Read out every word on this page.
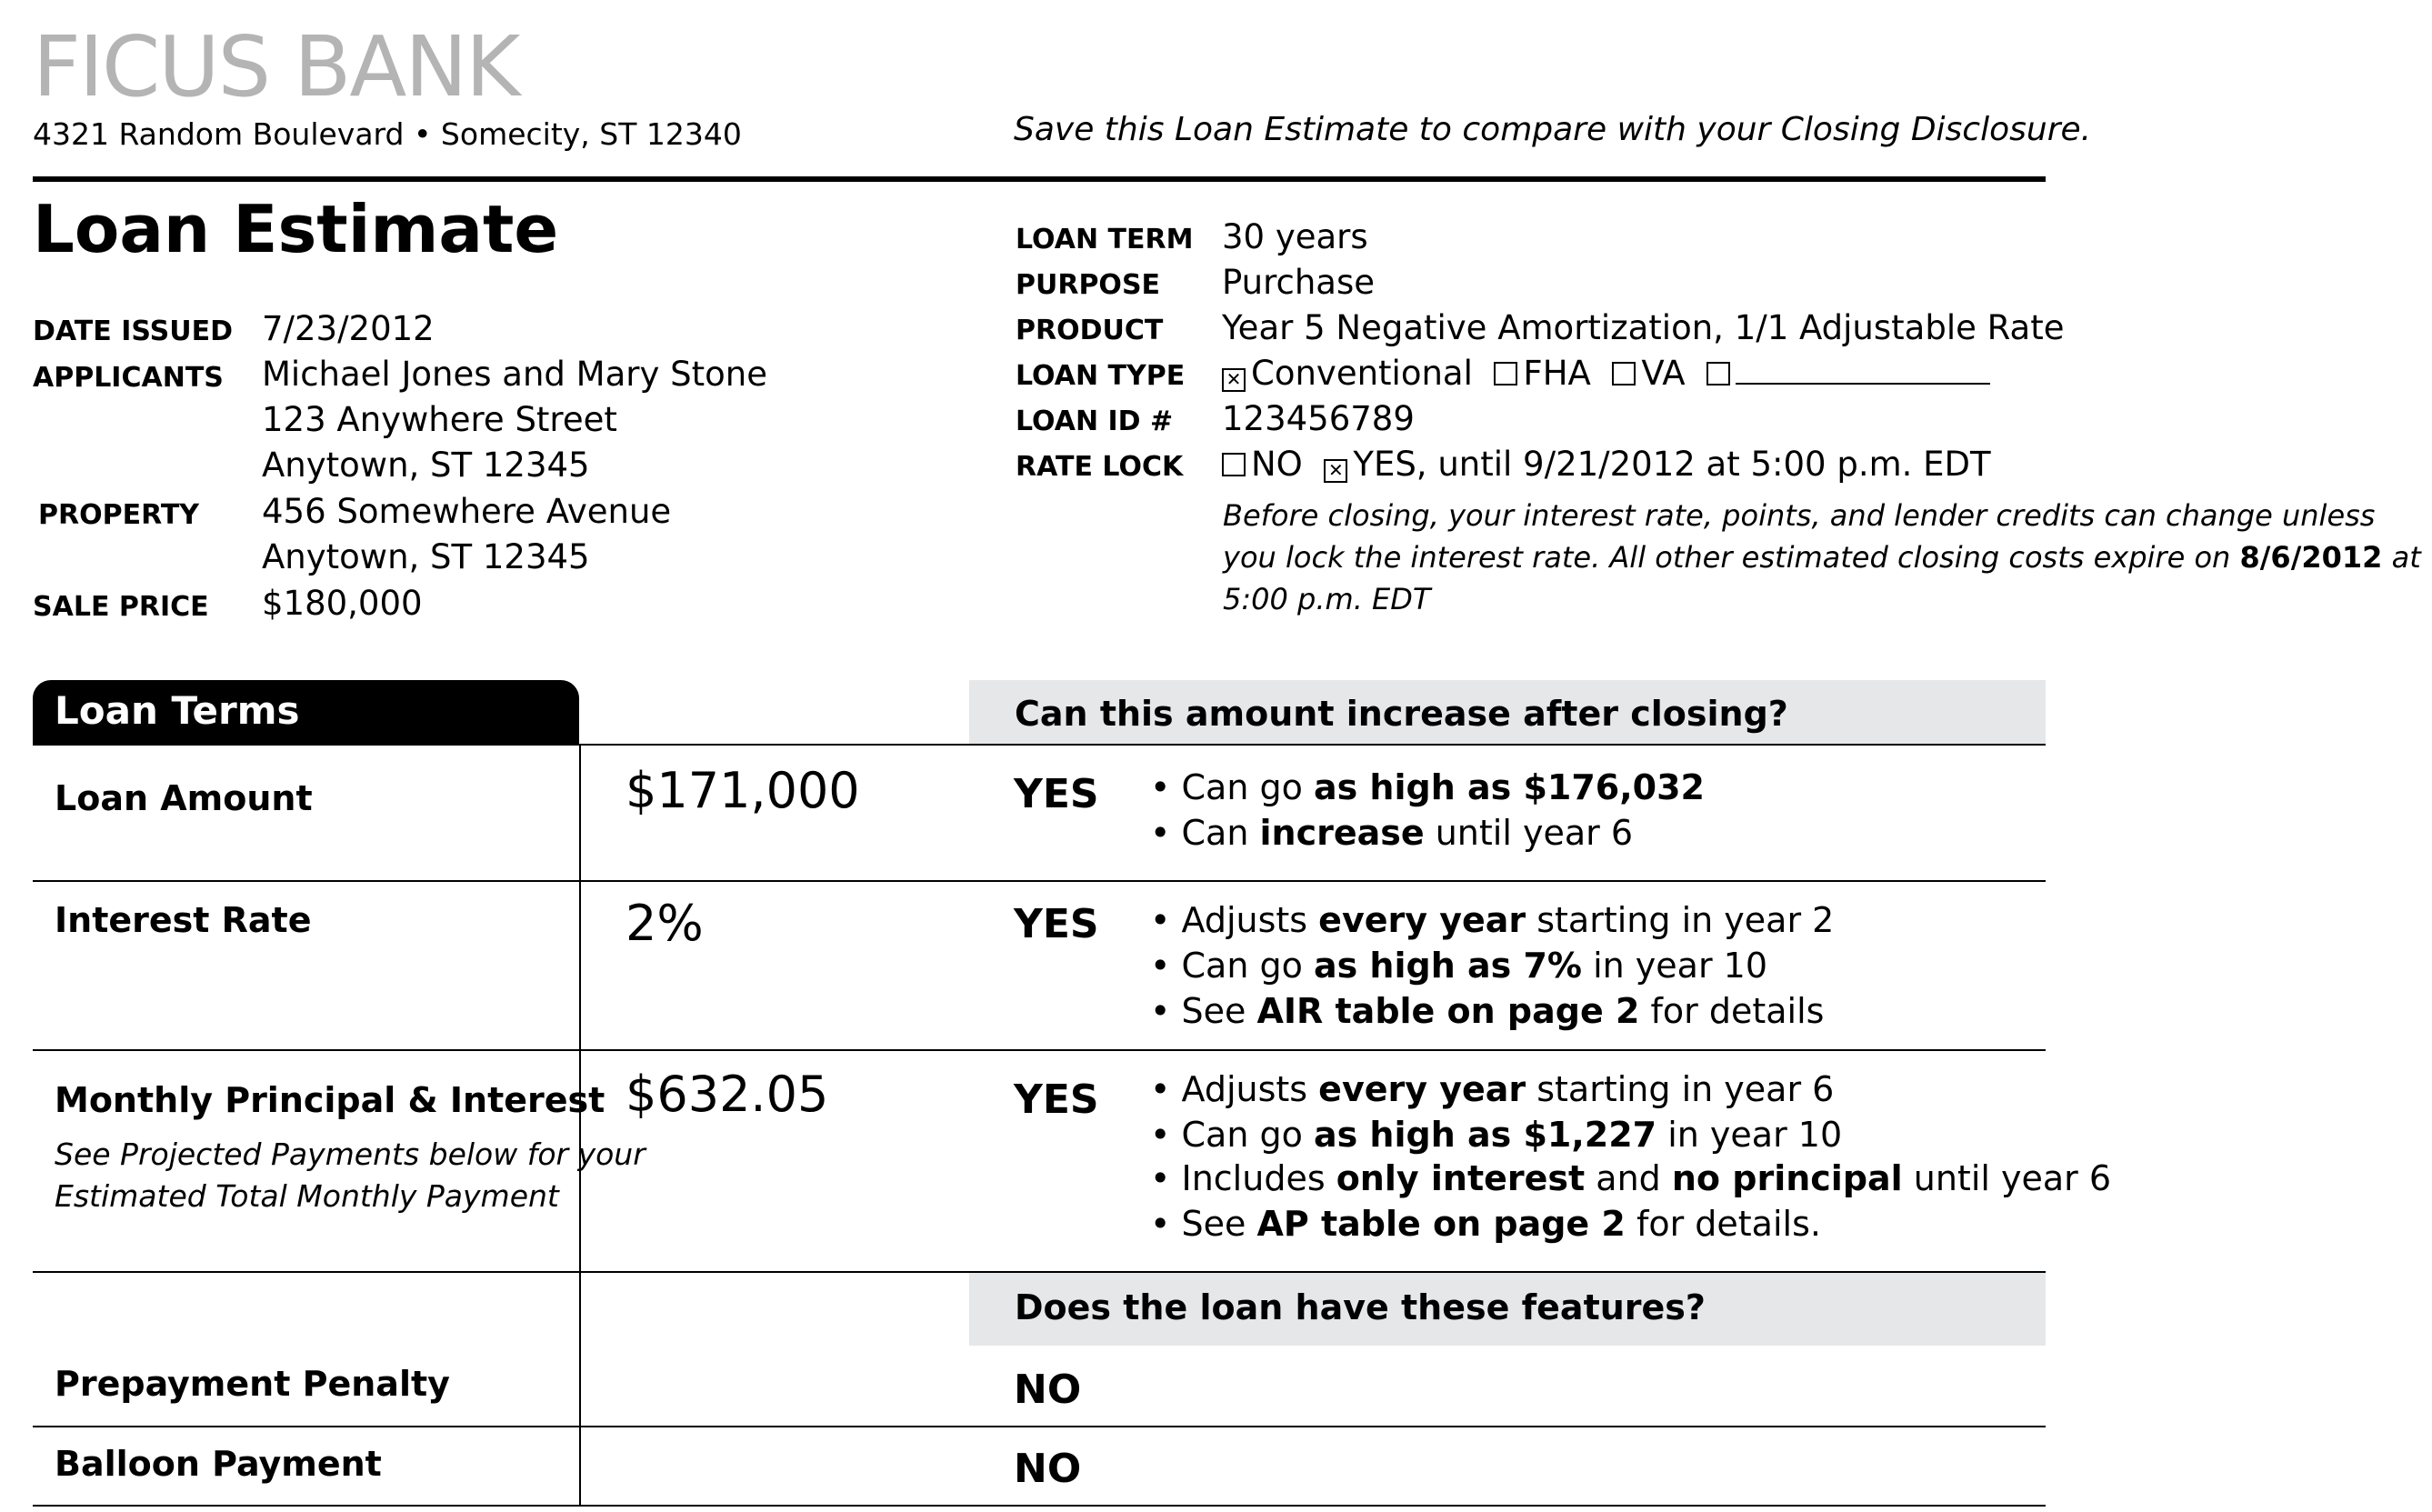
FICUS BANK
4321 Random Boulevard • Somecity, ST 12340	Save this Loan Estimate to compare with your Closing Disclosure.
Loan Estimate
DATE ISSUED 7/23/2012
APPLICANTS Michael Jones and Mary Stone
123 Anywhere Street
Anytown, ST 12345
PROPERTY 456 Somewhere Avenue
Anytown, ST 12345
SALE PRICE $180,000
LOAN TERM 30 years
PURPOSE Purchase
PRODUCT Year 5 Negative Amortization, 1/1 Adjustable Rate
LOAN TYPE ✕ Conventional FHA VA
LOAN ID # 123456789
RATE LOCK	NO ✕ YES, until 9/21/2012 at 5:00 p.m. EDT
Before closing, your interest rate, points, and lender credits can change unless you lock the interest rate. All other estimated closing costs expire on 8/6/2012 at 5:00 p.m. EDT
Loan Terms	Can this amount increase after closing?
Loan Amount	$171,000	YES • Can go as high as $176,032
• Can increase until year 6
Interest Rate	2%	YES • Adjusts every year starting in year 2
• Can go as high as 7% in year 10
• See AIR table on page 2 for details
Monthly Principal & Interest
See Projected Payments below for your
Estimated Total Monthly Payment
$632.05	YES • Adjusts every year starting in year 6
• Can go as high as $1,227 in year 10
• Includes only interest and no principal until year 6
• See AP table on page 2 for details.
Does the loan have these features?
Prepayment Penalty	NO
Balloon Payment	NO
